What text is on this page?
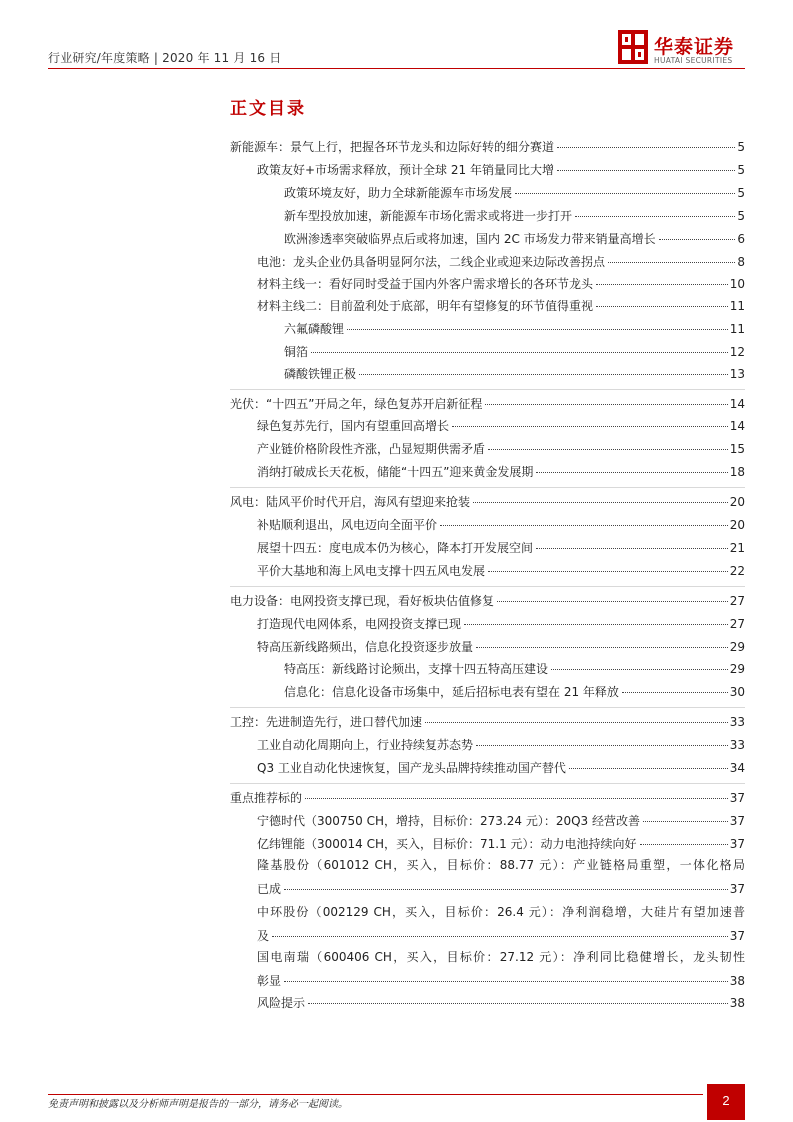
行业研究/年度策略 | 2020 年 11 月 16 日	华泰证券
HUATAI SECURITIES
正文目录
新能源车：景气上行，把握各环节龙头和边际好转的细分赛道	5
政策友好+市场需求释放，预计全球 21 年销量同比大增	5
政策环境友好，助力全球新能源车市场发展	5
新车型投放加速，新能源车市场化需求或将进一步打开	5
欧洲渗透率突破临界点后或将加速，国内 2C 市场发力带来销量高增长	6
电池：龙头企业仍具备明显阿尔法，二线企业或迎来边际改善拐点	8
材料主线一：看好同时受益于国内外客户需求增长的各环节龙头	10
材料主线二：目前盈利处于底部，明年有望修复的环节值得重视	11
六氟磷酸锂	11
铜箔	12
磷酸铁锂正极	13
光伏：“十四五”开局之年，绿色复苏开启新征程	14
绿色复苏先行，国内有望重回高增长	14
产业链价格阶段性齐涨，凸显短期供需矛盾	15
消纳打破成长天花板，储能“十四五”迎来黄金发展期	18
风电：陆风平价时代开启，海风有望迎来抢装	20
补贴顺利退出，风电迈向全面平价	20
展望十四五：度电成本仍为核心，降本打开发展空间	21
平价大基地和海上风电支撑十四五风电发展	22
电力设备：电网投资支撑已现，看好板块估值修复	27
打造现代电网体系，电网投资支撑已现	27
特高压新线路频出，信息化投资逐步放量	29
特高压：新线路讨论频出，支撑十四五特高压建设	29
信息化：信息化设备市场集中，延后招标电表有望在 21 年释放	30
工控：先进制造先行，进口替代加速	33
工业自动化周期向上，行业持续复苏态势	33
Q3 工业自动化快速恢复，国产龙头品牌持续推动国产替代	34
重点推荐标的	37
宁德时代（300750 CH，增持，目标价：273.24 元）：20Q3 经营改善	37
亿纬锂能（300014 CH，买入，目标价：71.1 元）：动力电池持续向好	37
隆基股份（601012 CH，买入，目标价：88.77 元）：产业链格局重塑，一体化格局
已成	37
中环股份（002129 CH，买入，目标价：26.4 元）：净利润稳增，大硅片有望加速普
及	37
国电南瑞（600406 CH，买入，目标价：27.12 元）：净利同比稳健增长，龙头韧性
彰显	38
风险提示	38
免责声明和披露以及分析师声明是报告的一部分，请务必一起阅读。	2
